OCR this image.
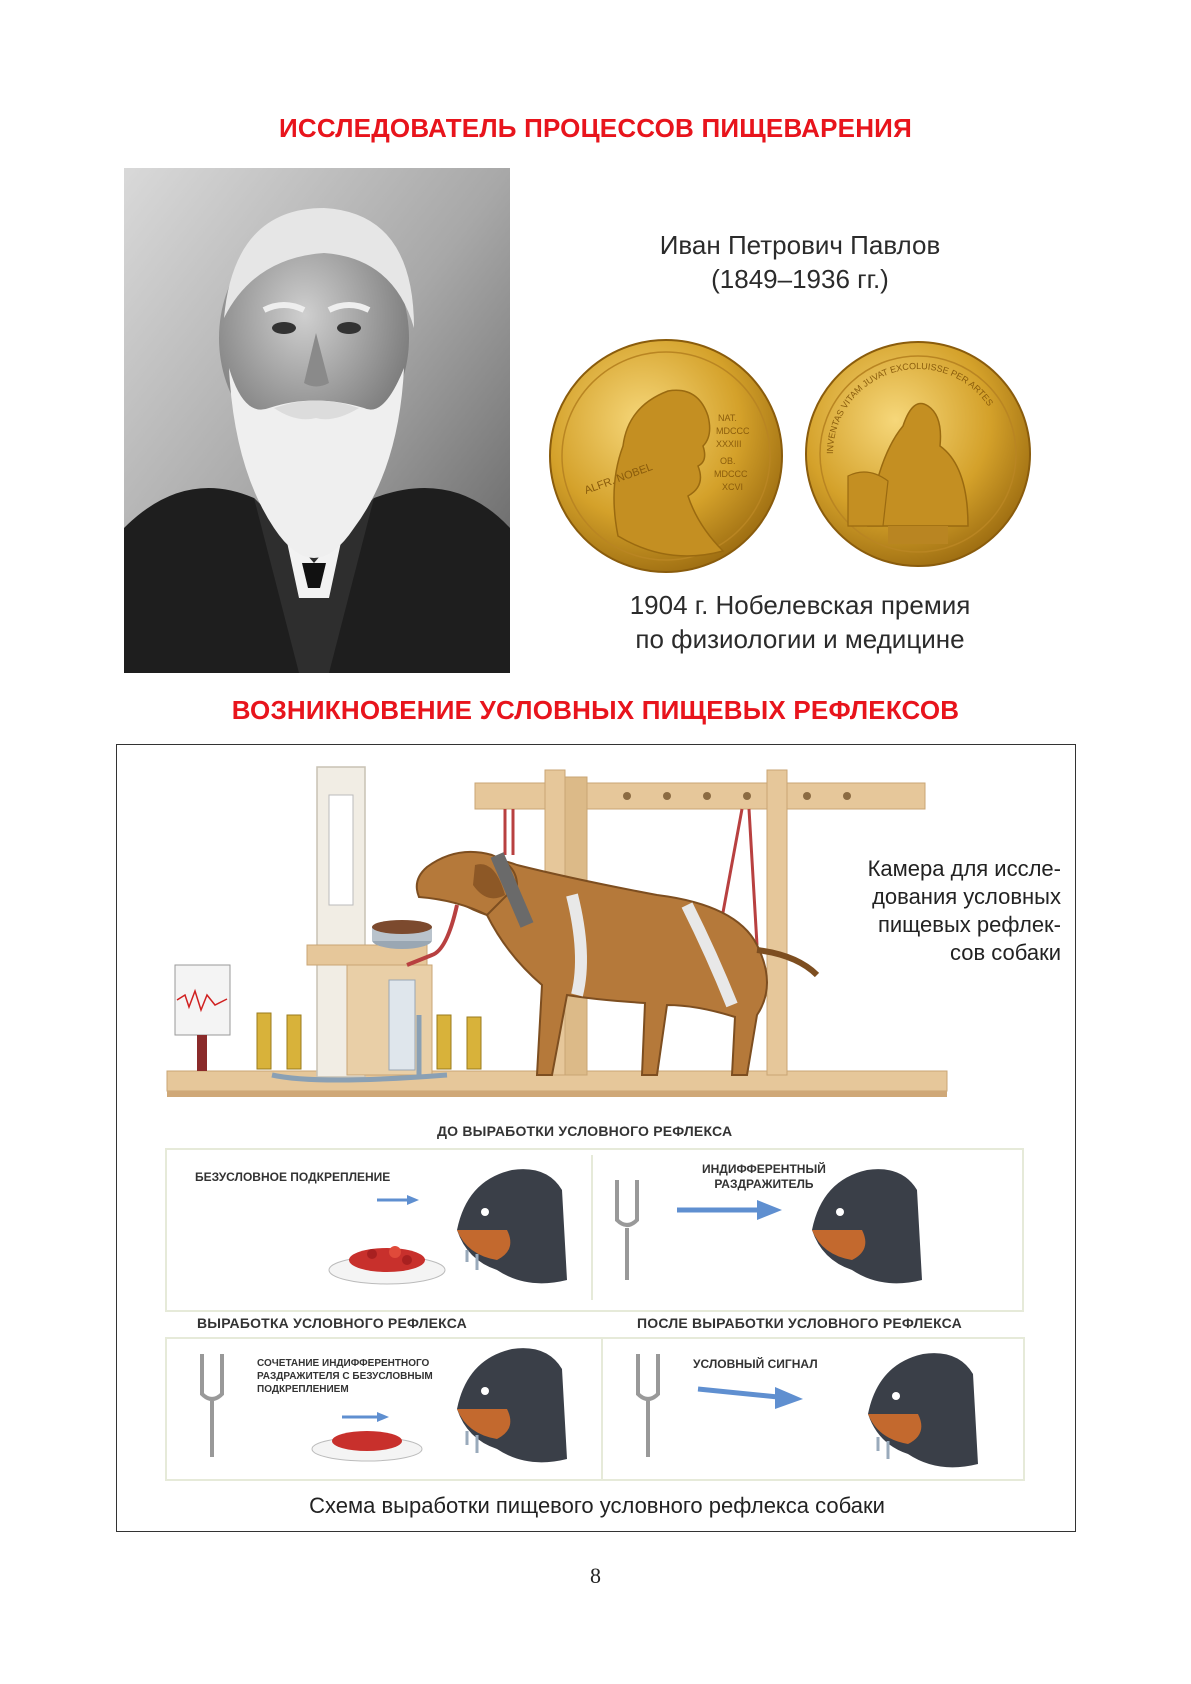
ИССЛЕДОВАТЕЛЬ ПРОЦЕССОВ ПИЩЕВАРЕНИЯ
Иван Петрович Павлов
(1849–1936 гг.)
ALFR. NOBEL
NAT.
MDCCC
XXXIII
OB.
MDCCC
XCVI
INVENTAS VITAM JUVAT EXCOLUISSE PER ARTES
1904 г. Нобелевская премия
по физиологии и медицине
ВОЗНИКНОВЕНИЕ УСЛОВНЫХ ПИЩЕВЫХ РЕФЛЕКСОВ
Камера для иссле-
дования условных
пищевых рефлек-
сов собаки
ДО ВЫРАБОТКИ УСЛОВНОГО РЕФЛЕКСА
БЕЗУСЛОВНОЕ ПОДКРЕПЛЕНИЕ
ИНДИФФЕРЕНТНЫЙ
РАЗДРАЖИТЕЛЬ
ВЫРАБОТКА УСЛОВНОГО РЕФЛЕКСА	ПОСЛЕ ВЫРАБОТКИ УСЛОВНОГО РЕФЛЕКСА
СОЧЕТАНИЕ ИНДИФФЕРЕНТНОГО
РАЗДРАЖИТЕЛЯ С БЕЗУСЛОВНЫМ
ПОДКРЕПЛЕНИЕМ
УСЛОВНЫЙ СИГНАЛ
Схема выработки пищевого условного рефлекса собаки
8
